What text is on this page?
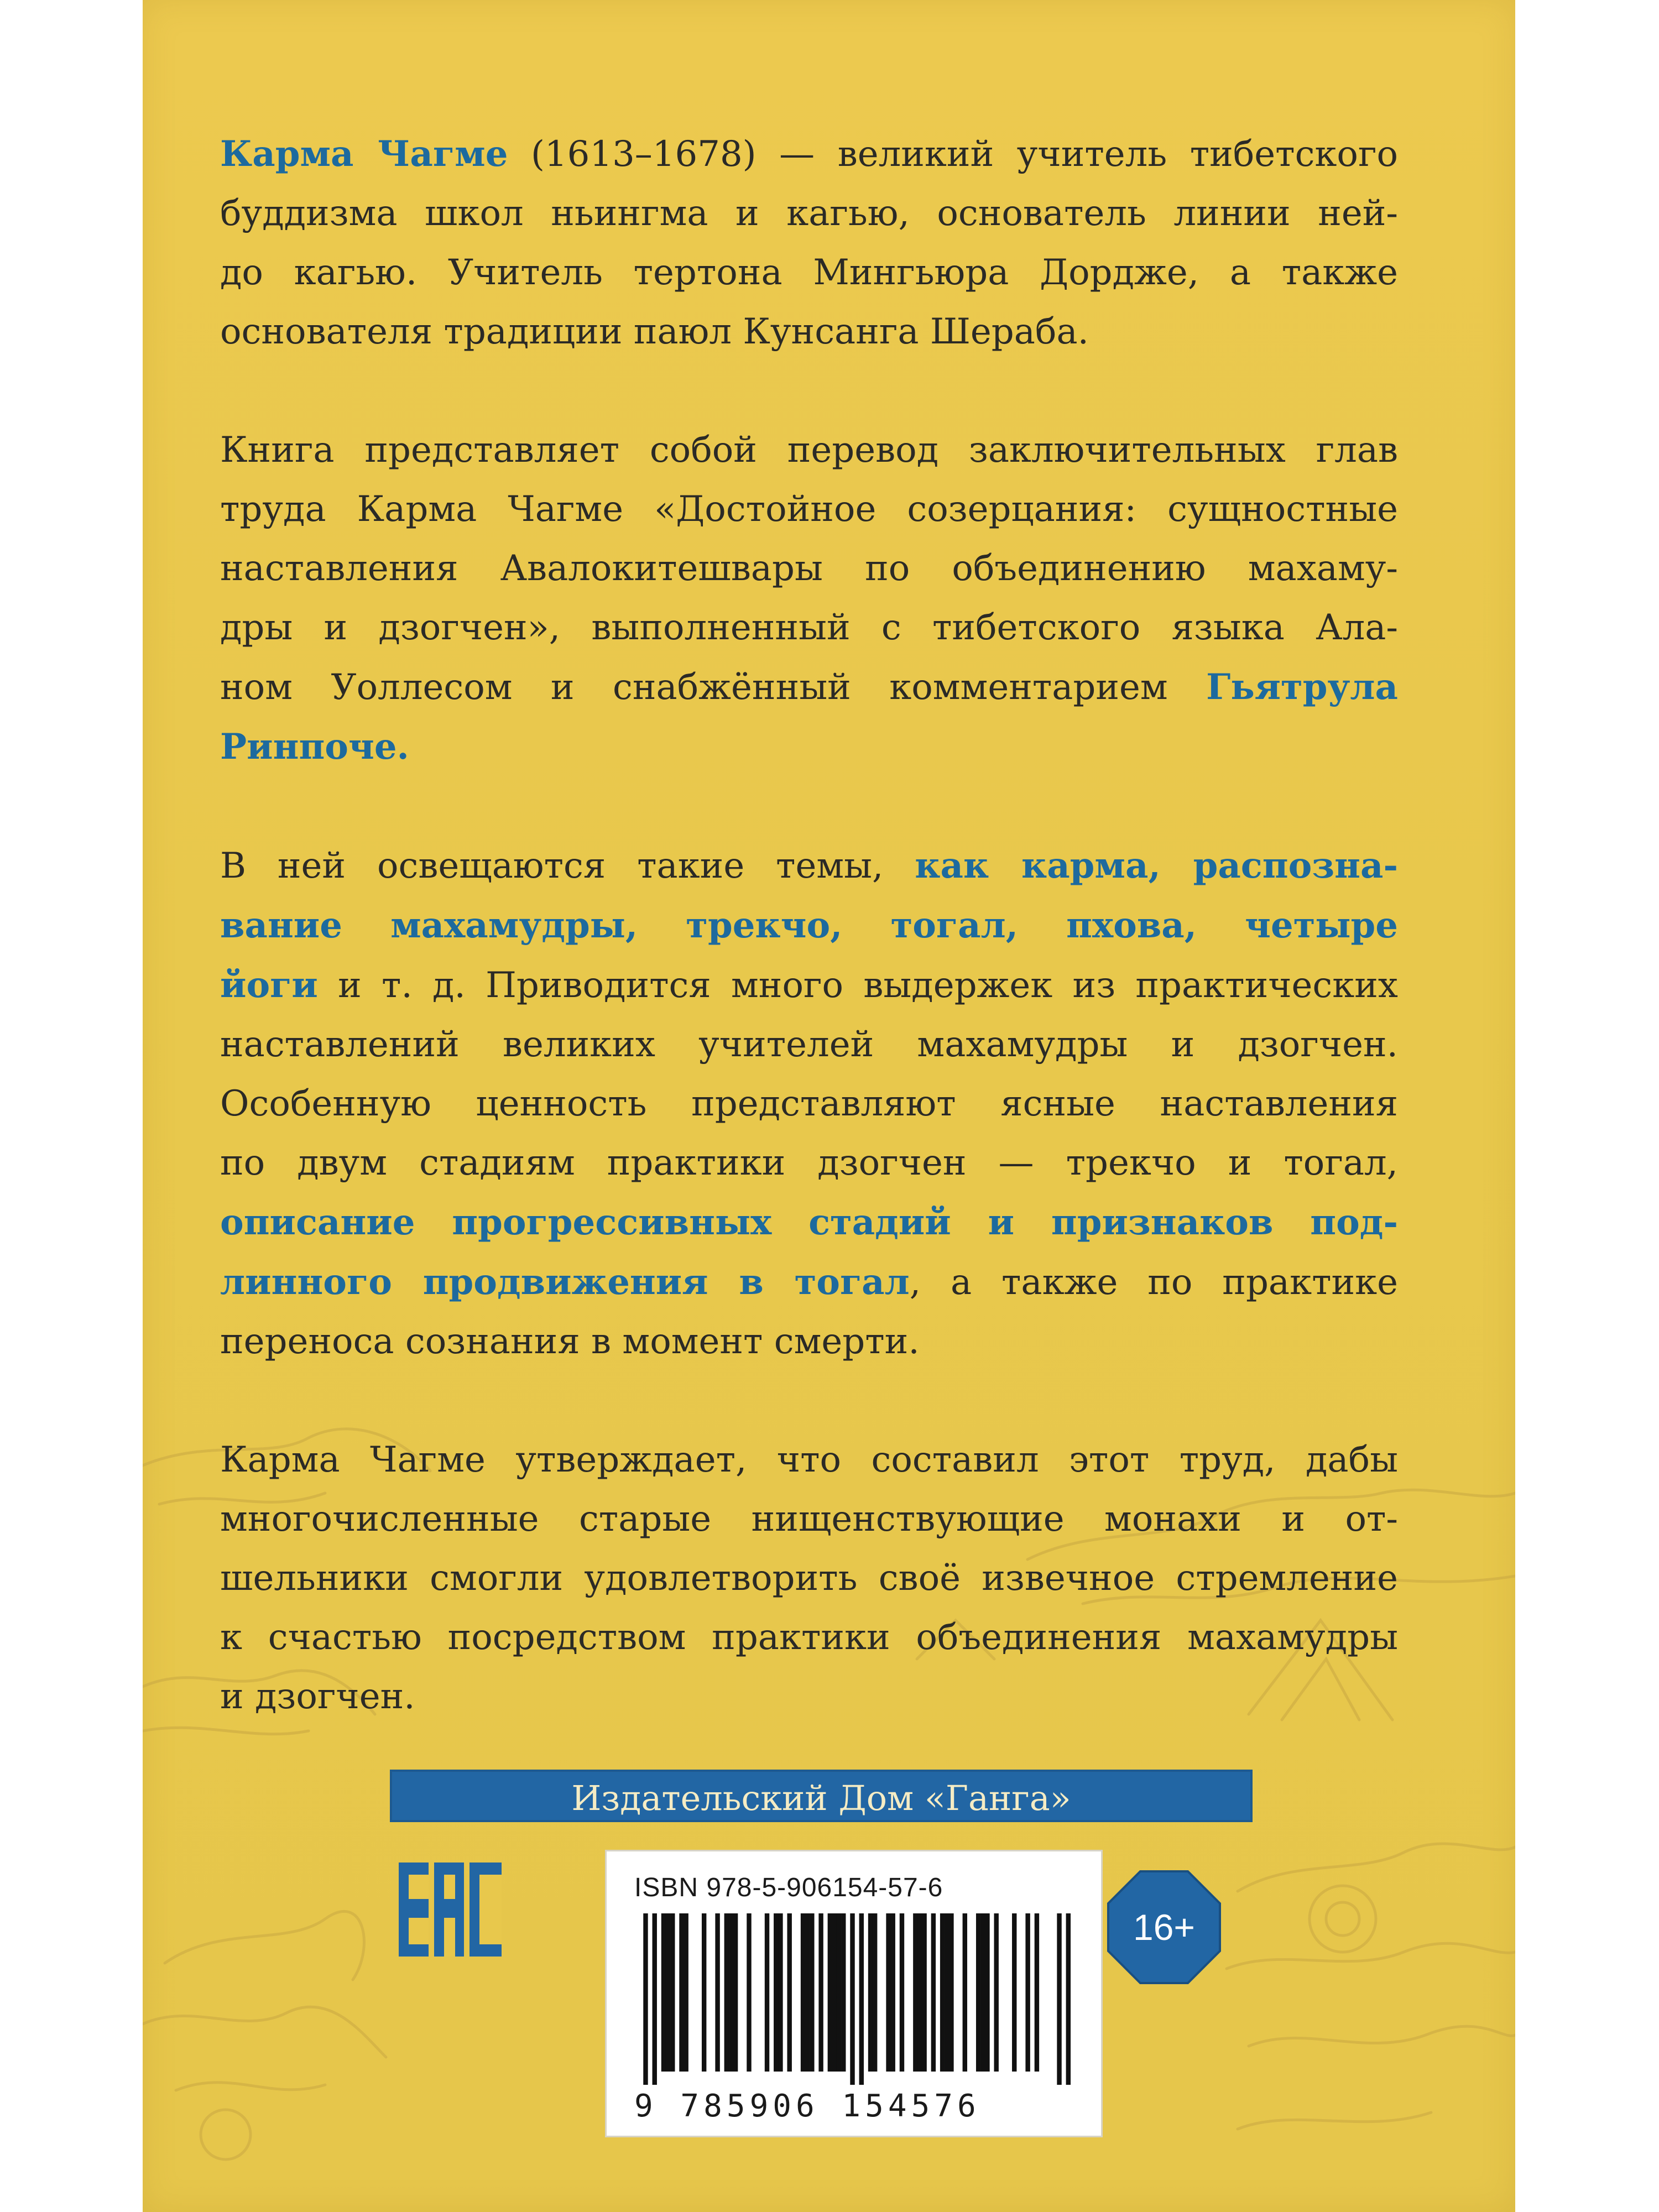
Карма Чагме (1613–1678) — великий учитель тибетского
буддизма школ ньингма и кагью, основатель линии ней-
до кагью. Учитель тертона Мингьюра Дордже, а также
основателя традиции паюл Кунсанга Шераба.

Книга представляет собой перевод заключительных глав
труда Карма Чагме «Достойное созерцания: сущностные
наставления Авалокитешвары по объединению махаму-
дры и дзогчен», выполненный с тибетского языка Ала-
ном Уоллесом и снабжённый комментарием Гьятрула
Ринпоче.

В ней освещаются такие темы, как карма, распозна-
вание махамудры, трекчо, тогал, пхова, четыре
йоги и т. д. Приводится много выдержек из практических
наставлений великих учителей махамудры и дзогчен.
Особенную ценность представляют ясные наставления
по двум стадиям практики дзогчен — трекчо и тогал,
описание прогрессивных стадий и признаков под-
линного продвижения в тогал, а также по практике
переноса сознания в момент смерти.

Карма Чагме утверждает, что составил этот труд, дабы
многочисленные старые нищенствующие монахи и от-
шельники смогли удовлетворить своё извечное стремление
к счастью посредством практики объединения махамудры
и дзогчен.

Издательский Дом «Ганга»
ISBN 978-5-906154-57-6
9 785906 154576
16+
